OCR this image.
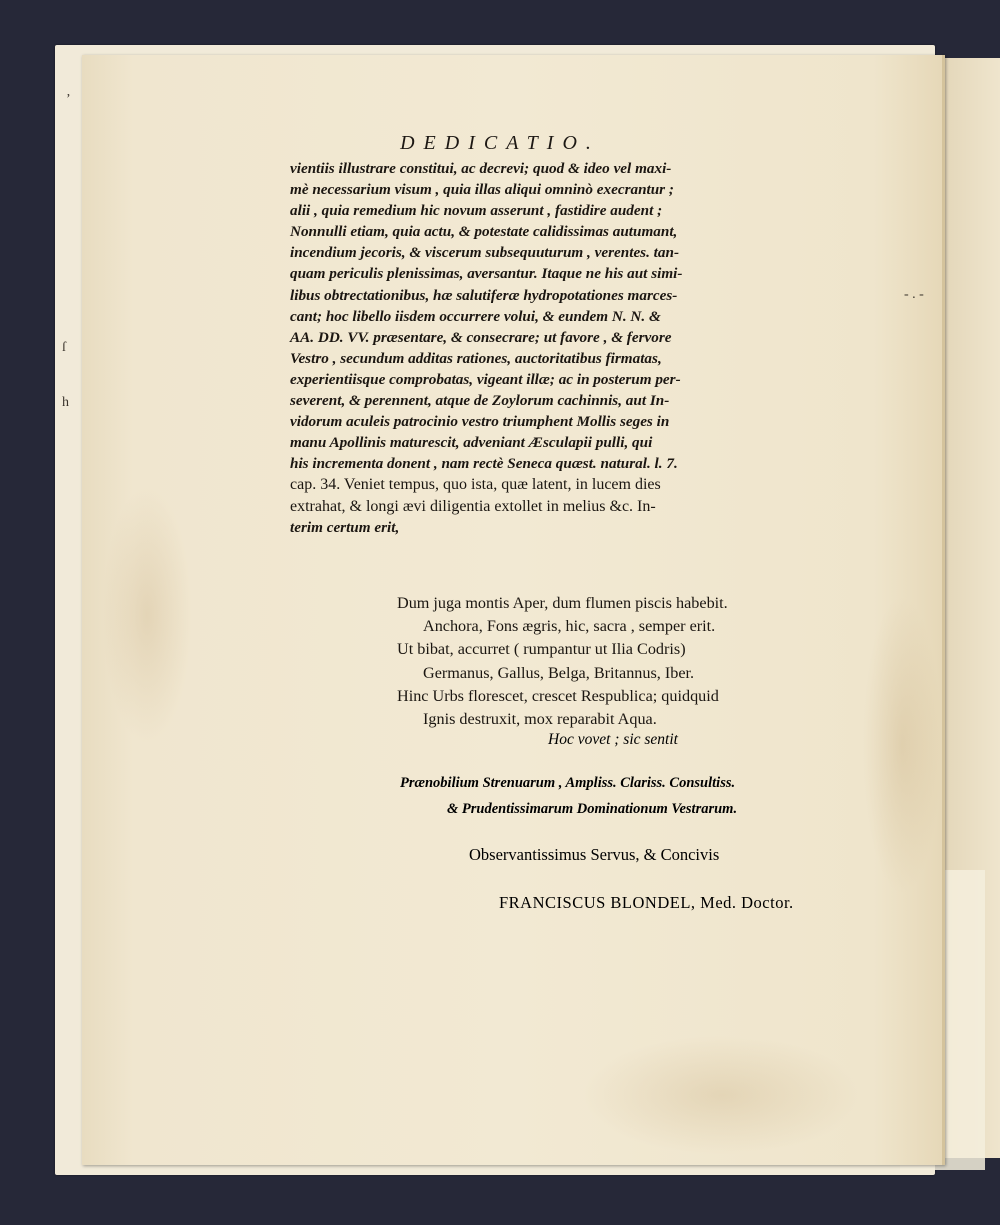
’
ſ
h
- . -
DEDICATIO.
vientiis illustrare constitui, ac decrevi; quod & ideo vel maxi-
mè necessarium visum , quia illas aliqui omninò execrantur ;
alii , quia remedium hic novum asserunt , fastidire audent ;
Nonnulli etiam, quia actu, & potestate calidissimas autumant,
incendium jecoris, & viscerum subsequuturum , verentes. tan-
quam periculis plenissimas, aversantur. Itaque ne his aut simi-
libus obtrectationibus, hæ salutiferæ hydropotationes marces-
cant; hoc libello iisdem occurrere volui, & eundem N. N. &
AA. DD. VV. præsentare, & consecrare; ut favore , & fervore
Vestro , secundum additas rationes, auctoritatibus firmatas,
experientiisque comprobatas, vigeant illæ; ac in posterum per-
severent, & perennent, atque de Zoylorum cachinnis, aut In-
vidorum aculeis patrocinio vestro triumphent Mollis seges in
manu Apollinis maturescit, adveniant Æsculapii pulli, qui
his incrementa donent , nam rectè Seneca quæst. natural. l. 7.
cap. 34. Veniet tempus, quo ista, quæ latent, in lucem dies
extrahat, & longi ævi diligentia extollet in melius &c. In-
terim certum erit,
Dum juga montis Aper, dum flumen piscis habebit.
Anchora, Fons ægris, hic, sacra , semper erit.
Ut bibat, accurret ( rumpantur ut Ilia Codris)
Germanus, Gallus, Belga, Britannus, Iber.
Hinc Urbs florescet, crescet Respublica; quidquid
Ignis destruxit, mox reparabit Aqua.
Hoc vovet ; sic sentit
Prænobilium Strenuarum , Ampliss. Clariss. Consultiss.
& Prudentissimarum Dominationum Vestrarum.
Observantissimus Servus, & Concivis
FRANCISCUS BLONDEL, Med. Doctor.
